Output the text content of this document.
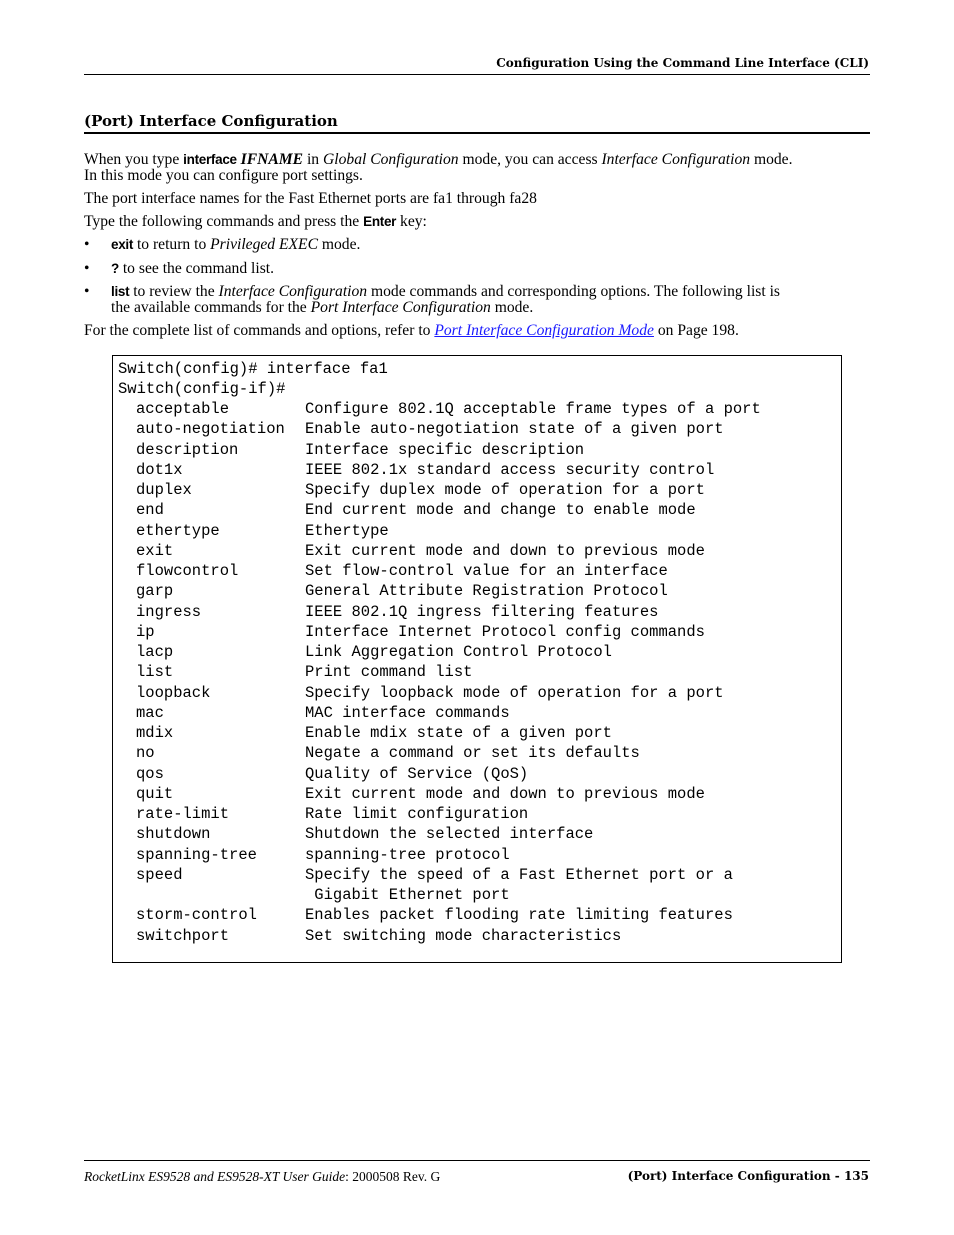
Configuration Using the Command Line Interface (CLI)
(Port) Interface Configuration
When you type interface IFNAME in Global Configuration mode, you can access Interface Configuration mode.
In this mode you can configure port settings.
The port interface names for the Fast Ethernet ports are fa1 through fa28
Type the following commands and press the Enter key:
• exit to return to Privileged EXEC mode.
• ? to see the command list.
• list to review the Interface Configuration mode commands and corresponding options. The following list is
the available commands for the Port Interface Configuration mode.
For the complete list of commands and options, refer to Port Interface Configuration Mode on Page 198.
Switch(config)# interface fa1
Switch(config-if)#
acceptable	Configure 802.1Q acceptable frame types of a port
auto-negotiation Enable auto-negotiation state of a given port
description	Interface specific description
dot1x	IEEE 802.1x standard access security control
duplex	Specify duplex mode of operation for a port
end	End current mode and change to enable mode
ethertype	Ethertype
exit	Exit current mode and down to previous mode
flowcontrol	Set flow-control value for an interface
garp	General Attribute Registration Protocol
ingress	IEEE 802.1Q ingress filtering features
ip	Interface Internet Protocol config commands
lacp	Link Aggregation Control Protocol
list	Print command list
loopback	Specify loopback mode of operation for a port
mac	MAC interface commands
mdix	Enable mdix state of a given port
no	Negate a command or set its defaults
qos	Quality of Service (QoS)
quit	Exit current mode and down to previous mode
rate-limit	Rate limit configuration
shutdown	Shutdown the selected interface
spanning-tree	spanning-tree protocol
speed	Specify the speed of a Fast Ethernet port or a
Gigabit Ethernet port
storm-control	Enables packet flooding rate limiting features
switchport	Set switching mode characteristics
RocketLinx ES9528 and ES9528-XT User Guide: 2000508 Rev. G	(Port) Interface Configuration - 135
